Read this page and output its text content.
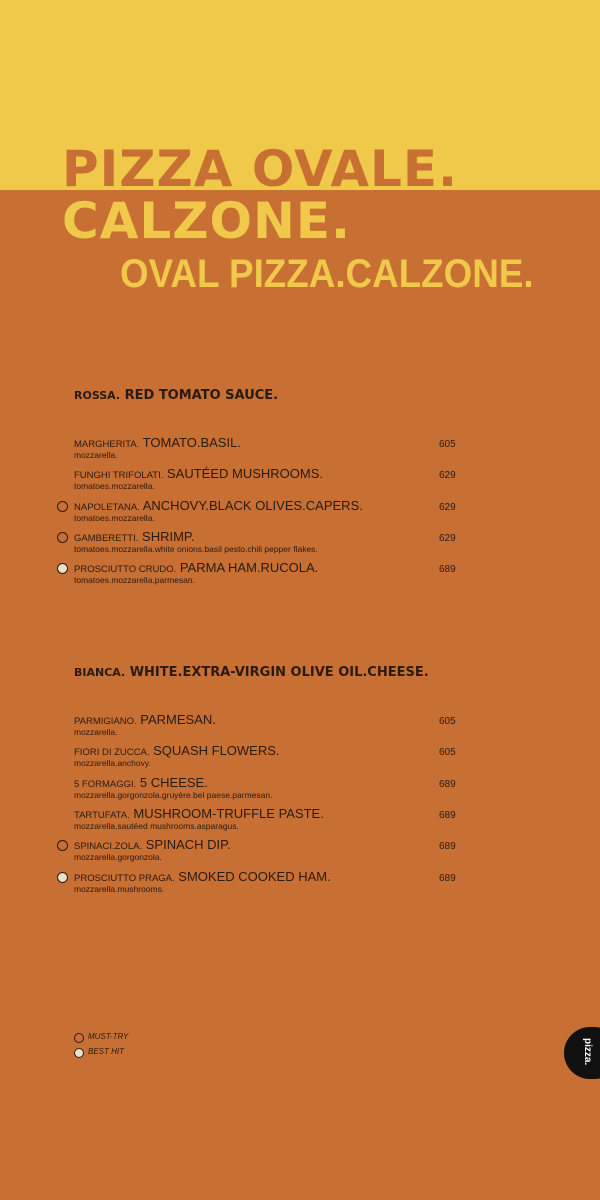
PIZZA OVALE.
CALZONE.
OVAL PIZZA.CALZONE.
ROSSA. RED TOMATO SAUCE.
BIANCA. WHITE.EXTRA-VIRGIN OLIVE OIL.CHEESE.
MUST-TRY
BEST HIT	pizza.
MARGHERITA. TOMATO.BASIL.
mozzarella.
605
FUNGHI TRIFOLATI. SAUTÉED MUSHROOMS.
tomatoes.mozzarella.
629
NAPOLETANA. ANCHOVY.BLACK OLIVES.CAPERS.
tomatoes.mozzarella.
629
GAMBERETTI. SHRIMP.
tomatoes.mozzarella.white onions.basil pesto.chili pepper flakes.
629
PROSCIUTTO CRUDO. PARMA HAM.RUCOLA.
tomatoes.mozzarella.parmesan.
689
PARMIGIANO. PARMESAN.
mozzarella.
605
FIORI DI ZUCCA. SQUASH FLOWERS.
mozzarella.anchovy.
605
5 FORMAGGI. 5 CHEESE.
mozzarella.gorgonzola.gruyère.bel paese.parmesan.
689
TARTUFATA. MUSHROOM-TRUFFLE PASTE.
mozzarella.sautéed mushrooms.asparagus.
689
SPINACI.ZOLA. SPINACH DIP.
mozzarella.gorgonzola.
689
PROSCIUTTO PRAGA. SMOKED COOKED HAM.
mozzarella.mushrooms.
689
